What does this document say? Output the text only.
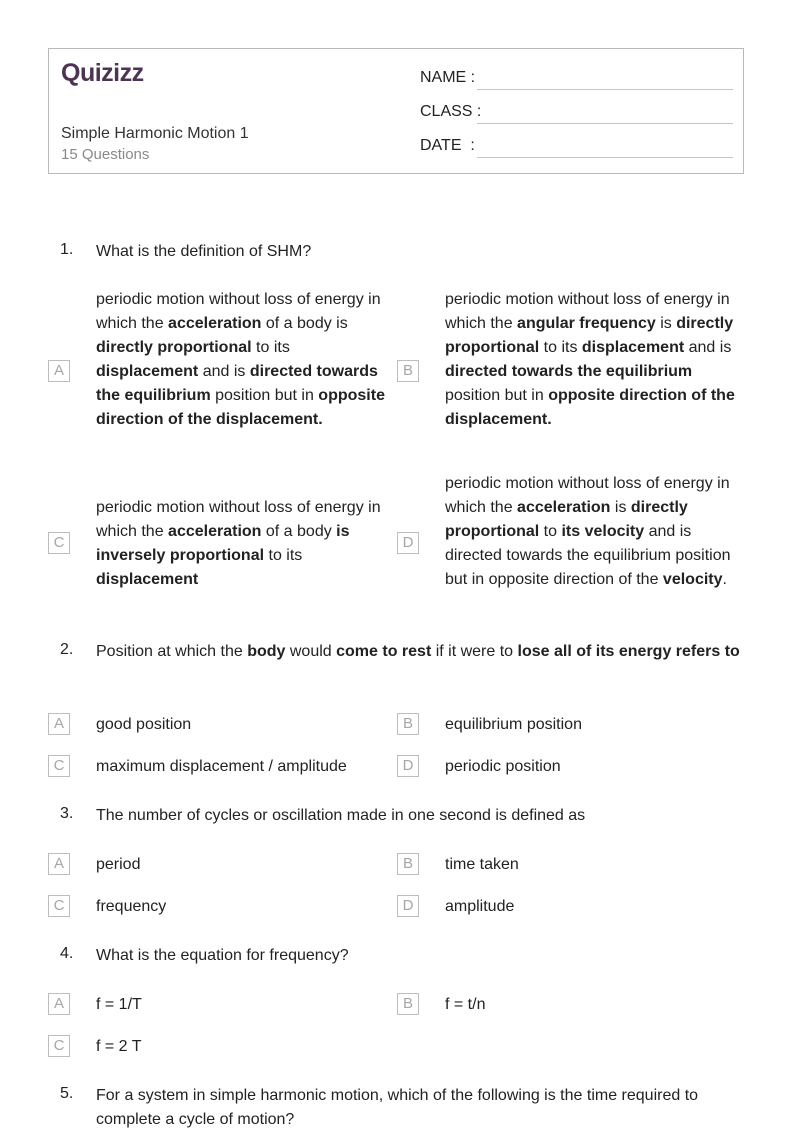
Quizizz
Simple Harmonic Motion 1
15 Questions
NAME :
CLASS :
DATE  :
1. What is the definition of SHM?
A
periodic motion without loss of energy in which the acceleration of a body is directly proportional to its displacement and is directed towards the equilibrium position but in opposite direction of the displacement.
B
periodic motion without loss of energy in which the angular frequency is directly proportional to its displacement and is directed towards the equilibrium position but in opposite direction of the displacement.
C
periodic motion without loss of energy in which the acceleration of a body is inversely proportional to its displacement
D
periodic motion without loss of energy in which the acceleration is directly proportional to its velocity and is directed towards the equilibrium position but in opposite direction of the velocity.
2. Position at which the body would come to rest if it were to lose all of its energy refers to
A	good position	B	equilibrium position
C	maximum displacement / amplitude	D	periodic position
3. The number of cycles or oscillation made in one second is defined as
A	period	B	time taken
C	frequency	D	amplitude
4. What is the equation for frequency?
A	f = 1/T	B	f = t/n
C	f = 2 T
5. For a system in simple harmonic motion, which of the following is the time required to complete a cycle of motion?
